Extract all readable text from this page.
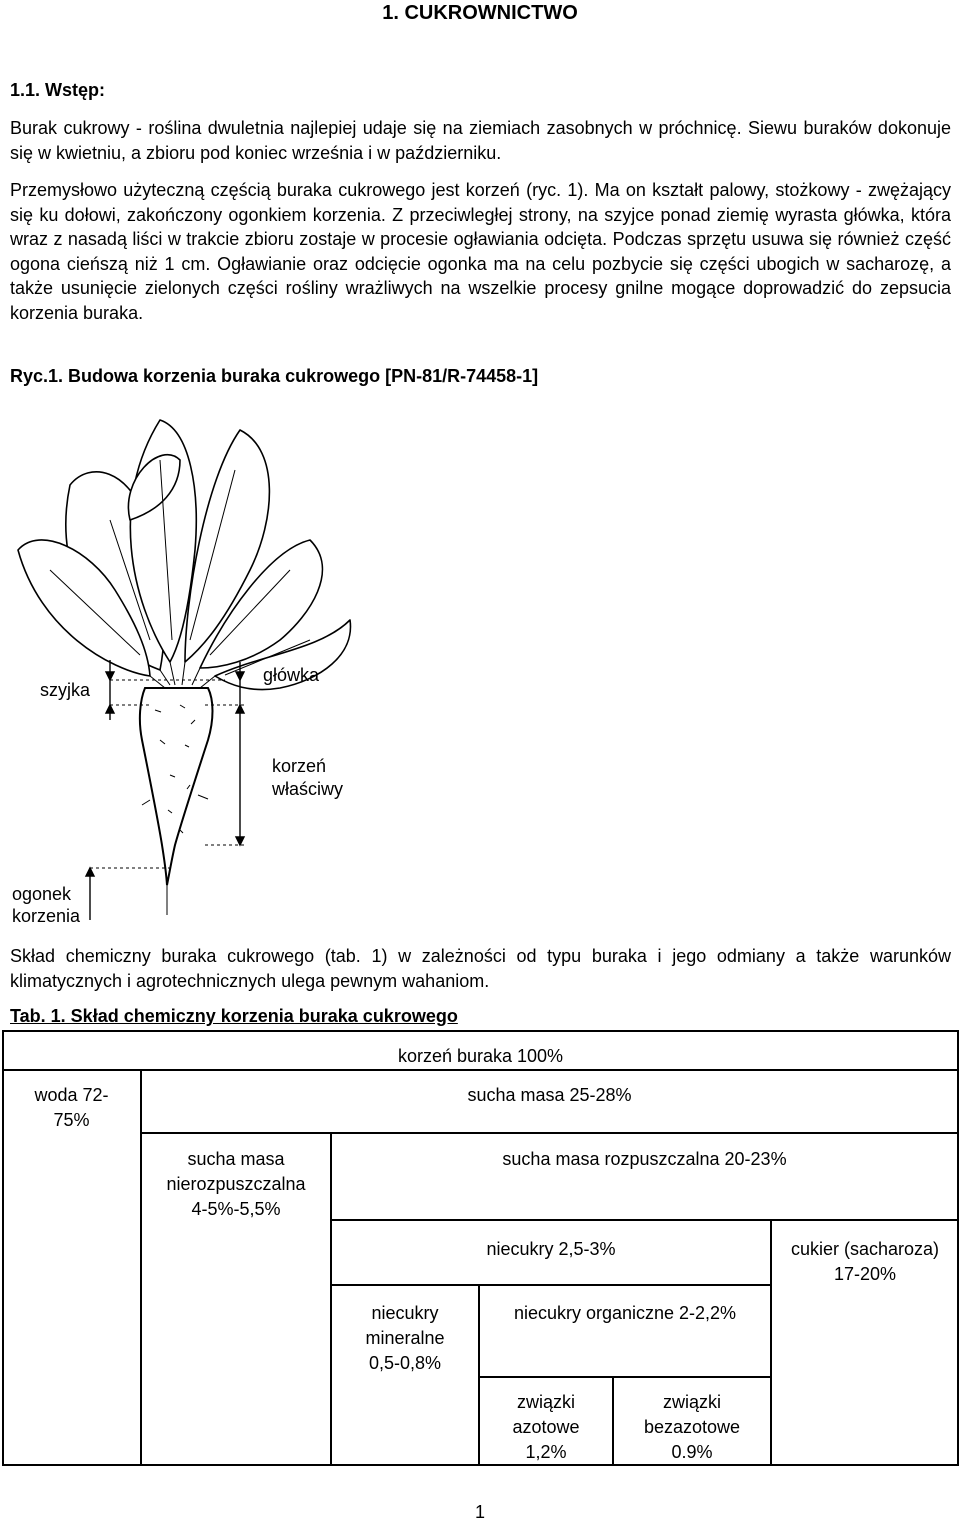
1. CUKROWNICTWO
1.1. Wstęp:
Burak cukrowy - roślina dwuletnia najlepiej udaje się na ziemiach zasobnych w próchnicę. Siewu buraków dokonuje się w kwietniu, a zbioru pod koniec września i w październiku.
Przemysłowo użyteczną częścią buraka cukrowego jest korzeń (ryc. 1). Ma on kształt palowy, stożkowy - zwężający się ku dołowi, zakończony ogonkiem korzenia. Z przeciwległej strony, na szyjce ponad ziemię wyrasta główka, która wraz z nasadą liści w trakcie zbioru zostaje w procesie ogławiania odcięta. Podczas sprzętu usuwa się również część ogona cieńszą niż 1 cm. Ogławianie oraz odcięcie ogonka ma na celu pozbycie się części ubogich w sacharozę, a także usunięcie zielonych części rośliny wrażliwych na wszelkie procesy gnilne mogące doprowadzić do zepsucia korzenia buraka.
Ryc.1. Budowa korzenia buraka cukrowego [PN-81/R-74458-1]
szyjka
główka
korzeń
właściwy
ogonek
korzenia
Skład chemiczny buraka cukrowego (tab. 1) w zależności od typu buraka i jego odmiany a także warunków klimatycznych i agrotechnicznych ulega pewnym wahaniom.
Tab. 1. Skład chemiczny korzenia buraka cukrowego
korzeń buraka 100%
woda 72-
75%
sucha masa 25-28%
sucha masa
nierozpuszczalna
4-5%-5,5%
sucha masa rozpuszczalna 20-23%
niecukry 2,5-3%	cukier (sacharoza)
17-20%
niecukry
mineralne
0,5-0,8%
niecukry organiczne 2-2,2%
związki
azotowe
1,2%
związki
bezazotowe
0.9%
1
